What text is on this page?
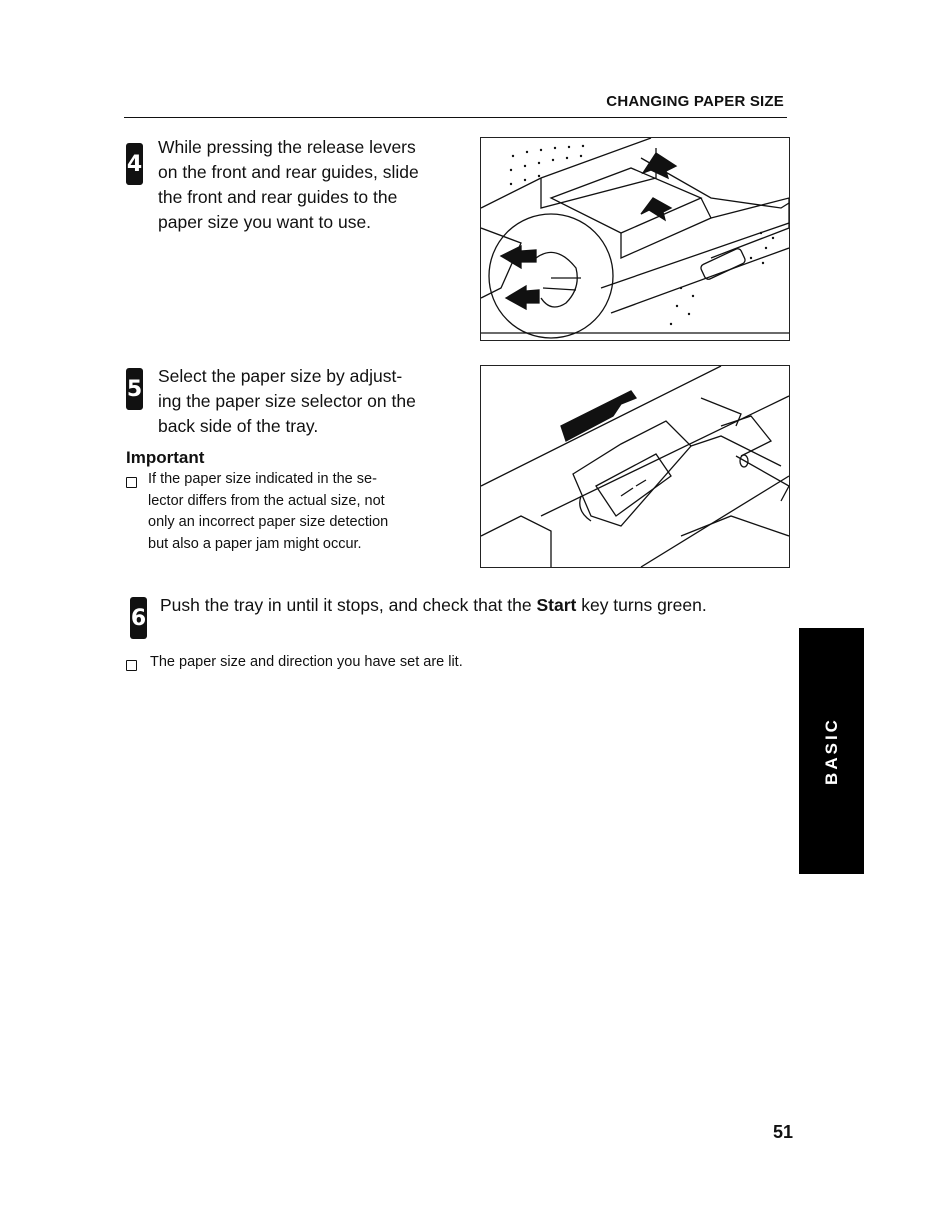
CHANGING PAPER SIZE
4
While pressing the release levers
on the front and rear guides, slide
the front and rear guides to the
paper size you want to use.
5
Select the paper size by adjust-
ing the paper size selector on the
back side of the tray.
Important
If the paper size indicated in the se-
lector differs from the actual size, not
only an incorrect paper size detection
but also a paper jam might occur.
6
Push the tray in until it stops, and check that the Start key turns green.
The paper size and direction you have set are lit.
BASIC
51
